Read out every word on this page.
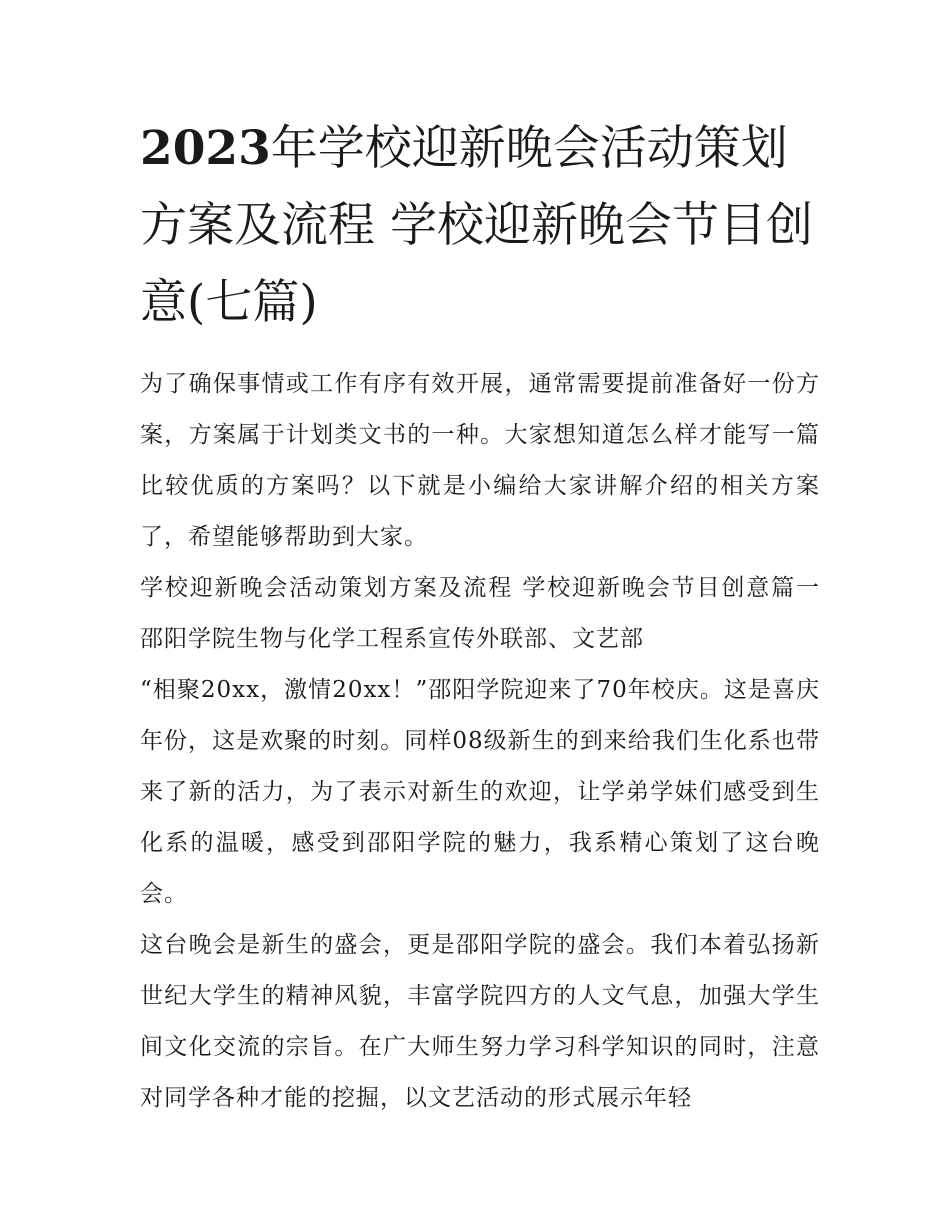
2023年学校迎新晚会活动策划方案及流程 学校迎新晚会节目创意(七篇)

为了确保事情或工作有序有效开展，通常需要提前准备好一份方案，方案属于计划类文书的一种。大家想知道怎么样才能写一篇比较优质的方案吗？以下就是小编给大家讲解介绍的相关方案了，希望能够帮助到大家。

学校迎新晚会活动策划方案及流程 学校迎新晚会节目创意篇一 邵阳学院生物与化学工程系宣传外联部、文艺部

“相聚20xx，激情20xx！”邵阳学院迎来了70年校庆。这是喜庆年份，这是欢聚的时刻。同样08级新生的到来给我们生化系也带来了新的活力，为了表示对新生的欢迎，让学弟学妹们感受到生化系的温暖，感受到邵阳学院的魅力，我系精心策划了这台晚会。

这台晚会是新生的盛会，更是邵阳学院的盛会。我们本着弘扬新世纪大学生的精神风貌，丰富学院四方的人文气息，加强大学生间文化交流的宗旨。在广大师生努力学习科学知识的同时，注意对同学各种才能的挖掘，以文艺活动的形式展示年轻
